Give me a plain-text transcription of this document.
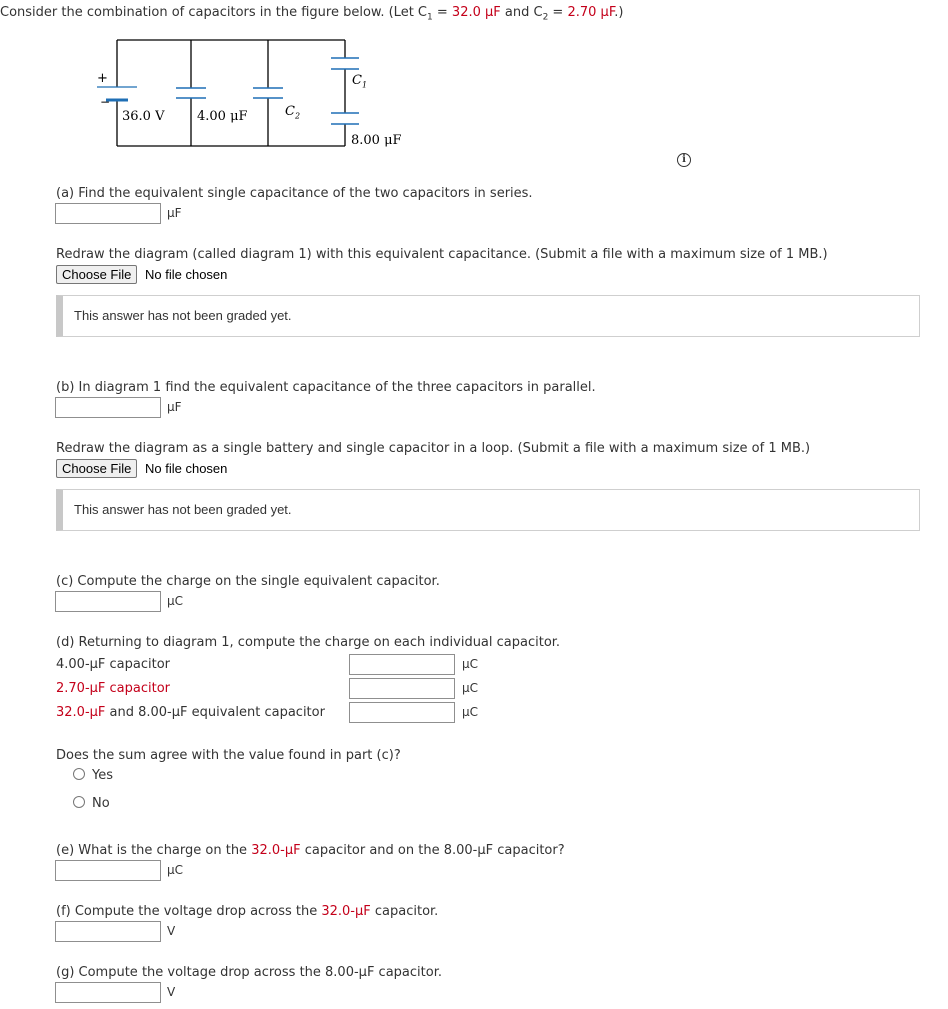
Consider the combination of capacitors in the figure below. (Let $C_1 = 32.0$ μF and $C_2 = 2.70$ μF.)
+
−
36.0 V	4.00 μF	$C_2$
$C_1$
8.00 μF
i
(a) Find the equivalent single capacitance of the two capacitors in series.
μF
Redraw the diagram (called diagram 1) with this equivalent capacitance. (Submit a file with a maximum size of 1 MB.)
Choose File	No file chosen
This answer has not been graded yet.
(b) In diagram 1 find the equivalent capacitance of the three capacitors in parallel.
μF
Redraw the diagram as a single battery and single capacitor in a loop. (Submit a file with a maximum size of 1 MB.)
Choose File	No file chosen
This answer has not been graded yet.
(c) Compute the charge on the single equivalent capacitor.
μC
(d) Returning to diagram 1, compute the charge on each individual capacitor.
4.00-μF capacitor	μC
2.70-μF capacitor	μC
32.0-μF and 8.00-μF equivalent capacitor	μC
Does the sum agree with the value found in part (c)?
Yes
No
(e) What is the charge on the 32.0-μF capacitor and on the 8.00-μF capacitor?
μC
(f) Compute the voltage drop across the 32.0-μF capacitor.
V
(g) Compute the voltage drop across the 8.00-μF capacitor.
V
